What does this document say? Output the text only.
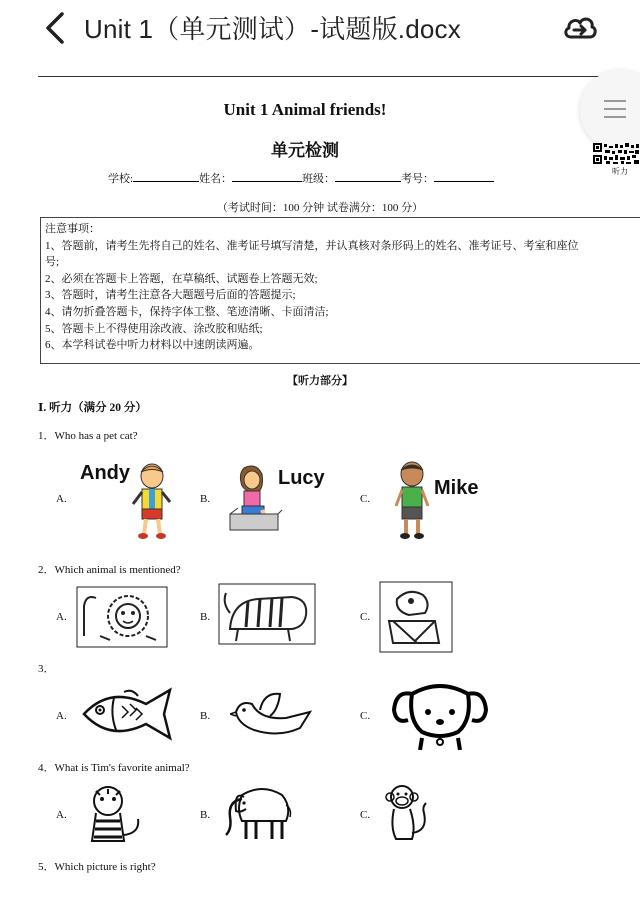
Unit 1（单元测试）-试题版.docx
Unit 1 Animal friends!
单元检测
听力
学校:	姓名：	班级：	考号：
（考试时间：100 分钟 试卷满分：100 分）

注意事项：

1、答题前，请考生先将自己的姓名、准考证号填写清楚，并认真核对条形码上的姓名、准考证号、考室和座位

号;

2、必须在答题卡上答题，在草稿纸、试题卷上答题无效;

3、答题时，请考生注意各大题题号后面的答题提示;

4、请勿折叠答题卡，保持字体工整、笔迹清晰、卡面清洁;

5、答题卡上不得使用涂改液、涂改胶和贴纸;

6、本学科试卷中听力材料以中速朗读两遍。

【听力部分】
Ⅰ. 听力（满分 20 分）
1．Who has a pet cat?
A.
Andy
B.
Lucy
C.	Mike
2．Which animal is mentioned?
A.	B.	C.
3．
A.	B.	C.
4．What is Tim's favorite animal?
A.	B.	C.
5．Which picture is right?
